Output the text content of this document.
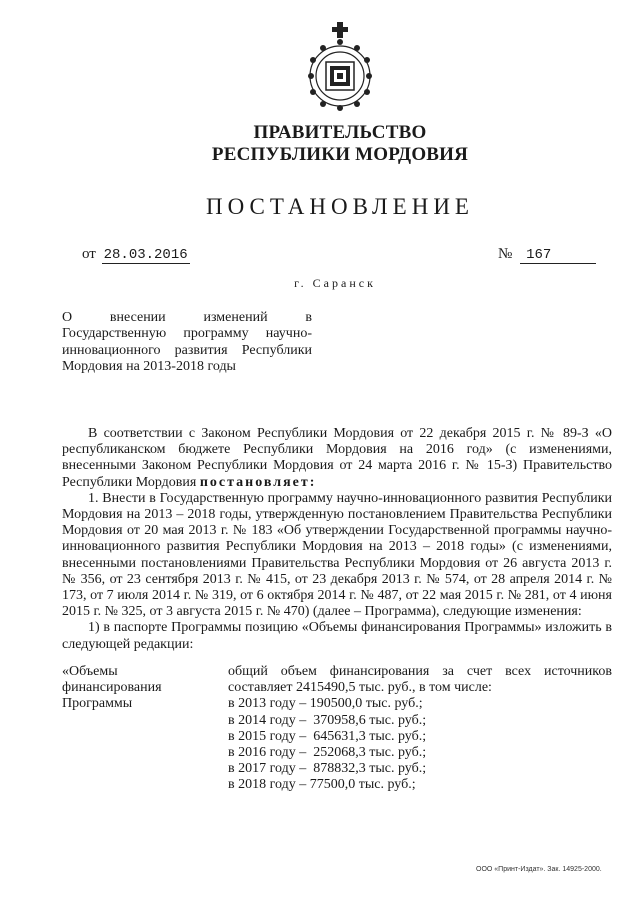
ПРАВИТЕЛЬСТВО
РЕСПУБЛИКИ МОРДОВИЯ
ПОСТАНОВЛЕНИЕ
от 28.03.2016	№ 167
г. Саранск
О внесении изменений в
Государственную программу научно-
инновационного развития Республики
Мордовия на 2013-2018 годы

В соответствии с Законом Республики Мордовия от 22 декабря 2015 г. № 89-З «О республиканском бюджете Республики Мордовия на 2016 год» (с изменениями, внесенными Законом Республики Мордовия от 24 марта 2016 г. № 15-З) Правительство Республики Мордовия постановляет:

1. Внести в Государственную программу научно-инновационного развития Республики Мордовия на 2013 – 2018 годы, утвержденную постановлением Правительства Республики Мордовия от 20 мая 2013 г. № 183 «Об утверждении Государственной программы научно-инновационного развития Республики Мордовия на 2013 – 2018 годы» (с изменениями, внесенными постановлениями Правительства Республики Мордовия от 26 августа 2013 г. № 356, от 23 сентября 2013 г. № 415, от 23 декабря 2013 г. № 574, от 28 апреля 2014 г. № 173, от 7 июля 2014 г. № 319, от 6 октября 2014 г. № 487, от 22 мая 2015 г. № 281, от 4 июня 2015 г. № 325, от 3 августа 2015 г. № 470) (далее – Программа), следующие изменения:

1) в паспорте Программы позицию «Объемы финансирования Программы» изложить в следующей редакции:

«Объемы
финансирования
Программы
общий объем финансирования за счет всех источников составляет 2415490,5 тыс. руб., в том числе:
в 2013 году – 190500,0 тыс. руб.;
в 2014 году –  370958,6 тыс. руб.;
в 2015 году –  645631,3 тыс. руб.;
в 2016 году –  252068,3 тыс. руб.;
в 2017 году –  878832,3 тыс. руб.;
в 2018 году – 77500,0 тыс. руб.;
ООО «Принт-Издат». Зак. 14925-2000.
